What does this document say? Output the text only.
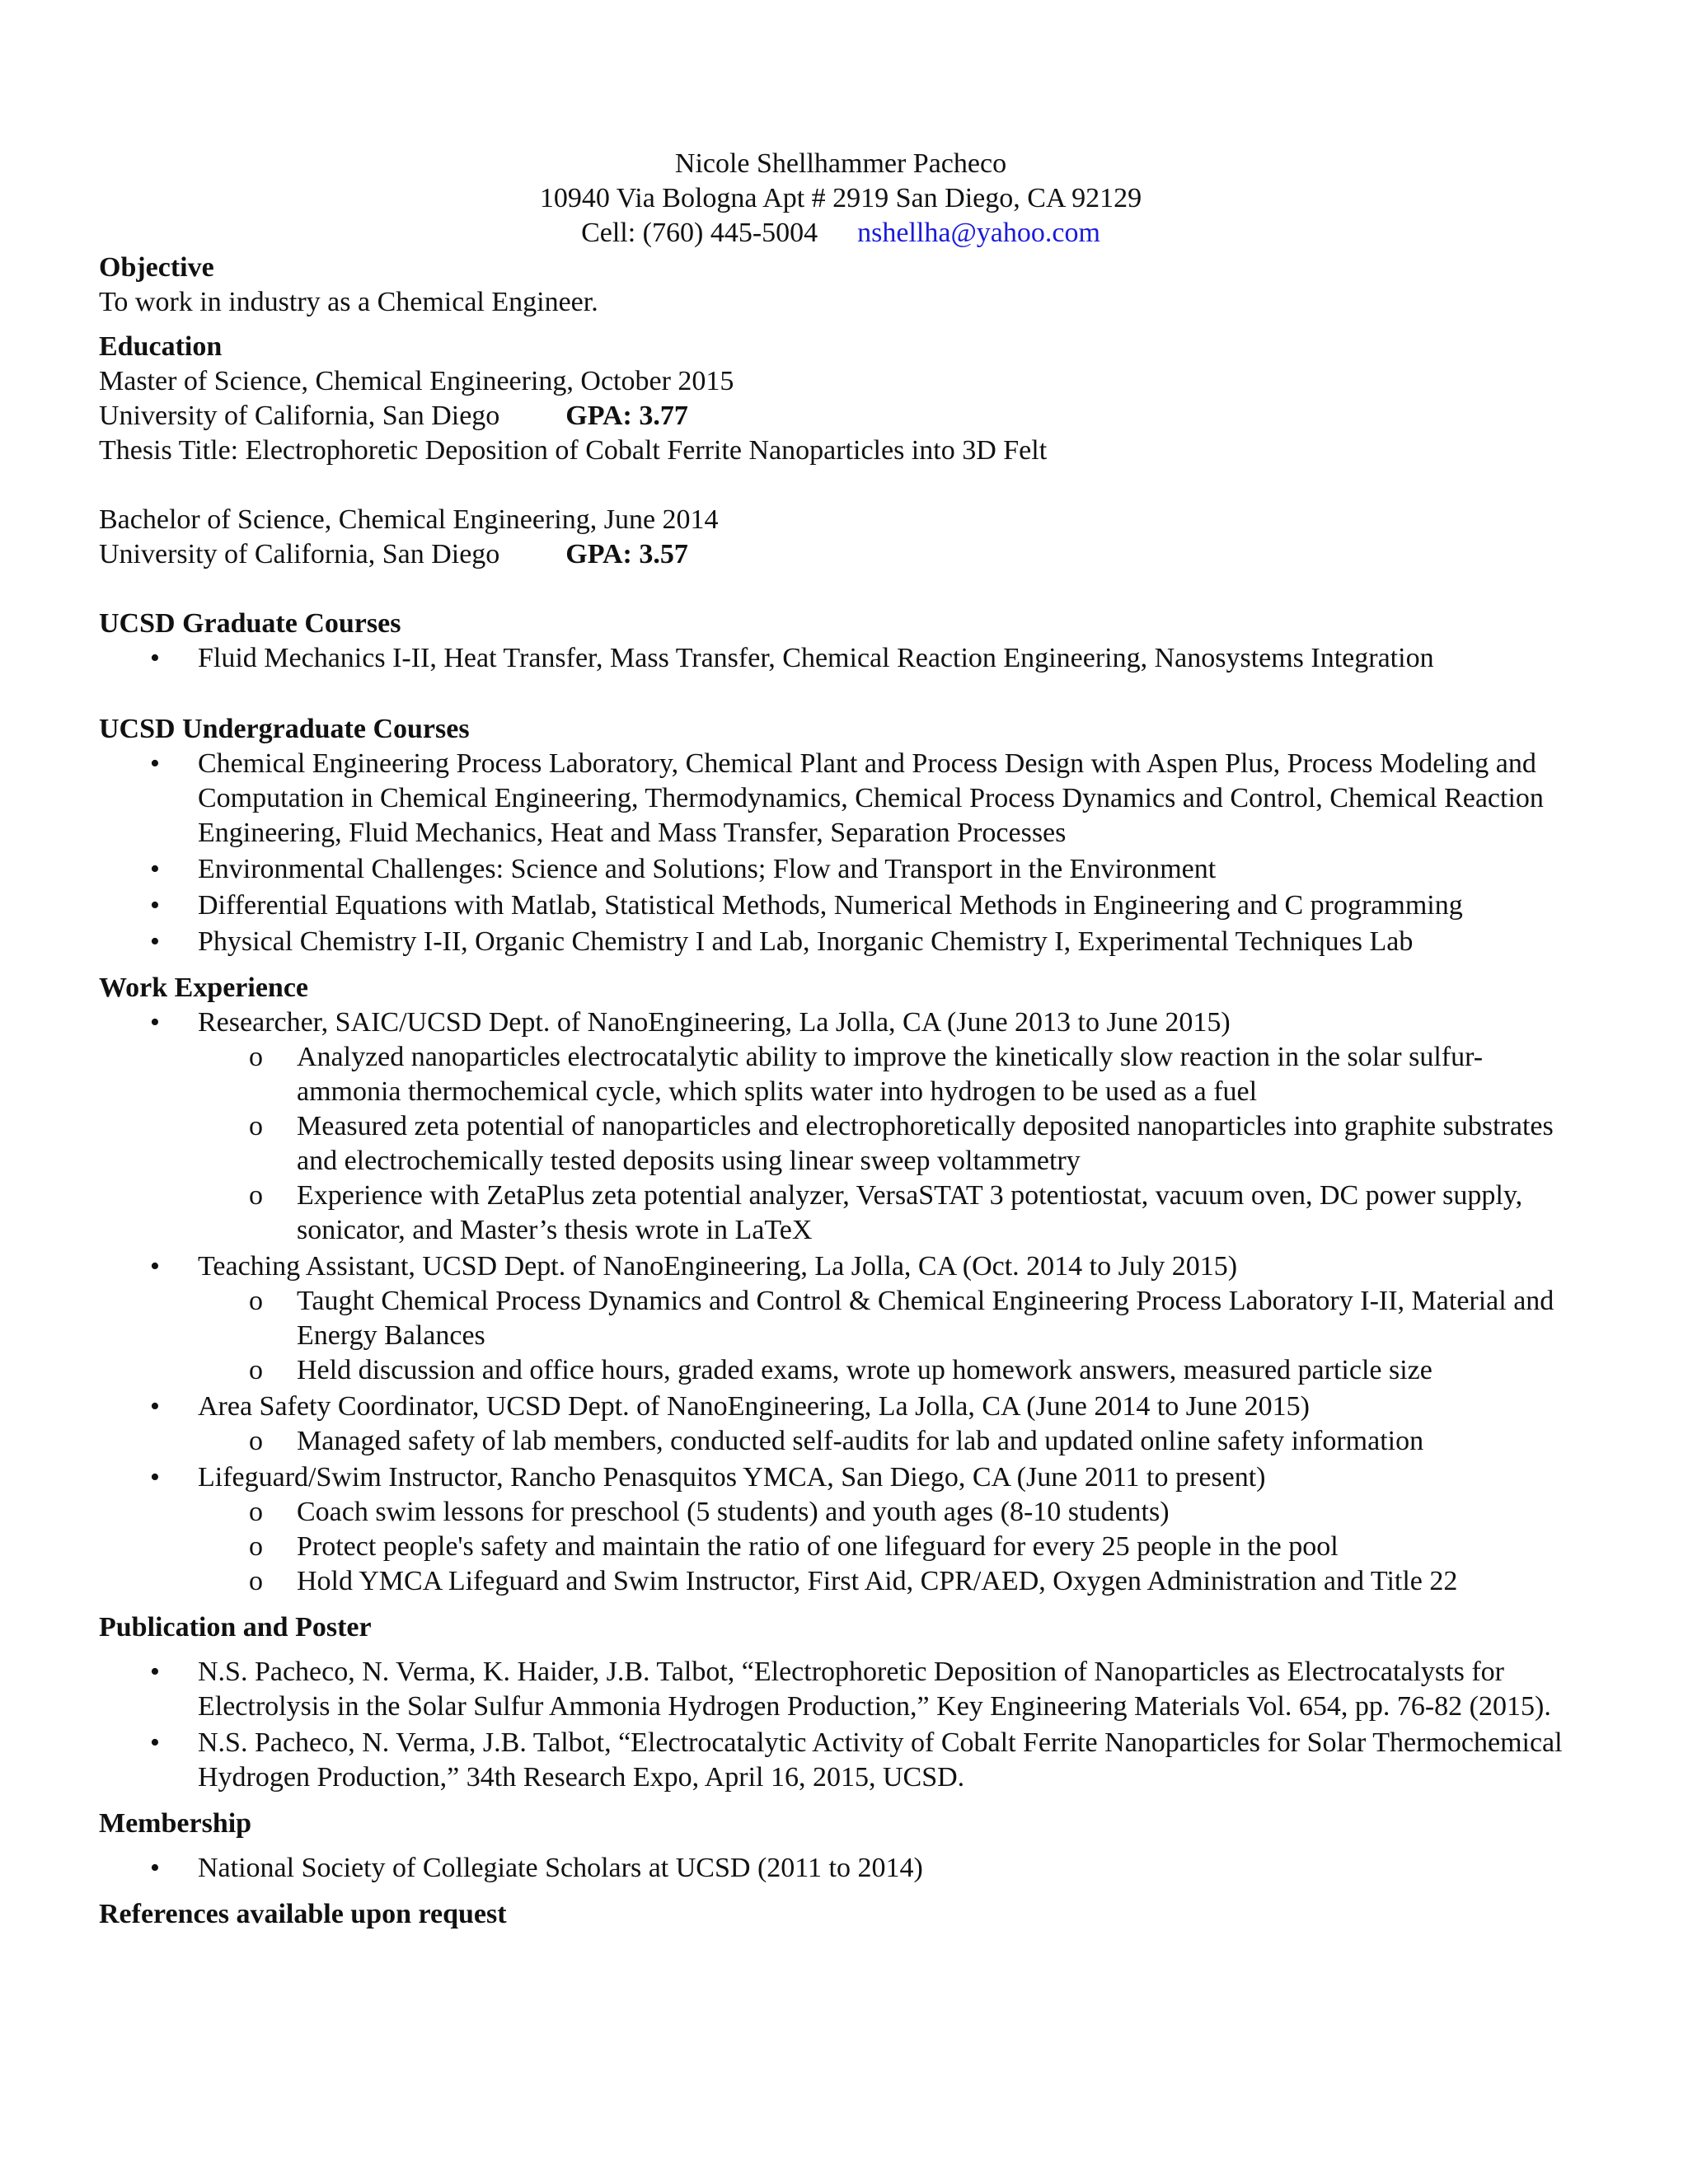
Nicole Shellhammer Pacheco
10940 Via Bologna Apt # 2919 San Diego, CA 92129
Cell: (760) 445-5004 nshellha@yahoo.com

Objective

To work in industry as a Chemical Engineer.

Education

Master of Science, Chemical Engineering, October 2015

University of California, San Diego GPA: 3.77

Thesis Title: Electrophoretic Deposition of Cobalt Ferrite Nanoparticles into 3D Felt

Bachelor of Science, Chemical Engineering, June 2014

University of California, San Diego GPA: 3.57

UCSD Graduate Courses

• Fluid Mechanics I-II, Heat Transfer, Mass Transfer, Chemical Reaction Engineering, Nanosystems Integration

UCSD Undergraduate Courses

• Chemical Engineering Process Laboratory, Chemical Plant and Process Design with Aspen Plus, Process Modeling and Computation in Chemical Engineering, Thermodynamics, Chemical Process Dynamics and Control, Chemical Reaction Engineering, Fluid Mechanics, Heat and Mass Transfer, Separation Processes
• Environmental Challenges: Science and Solutions; Flow and Transport in the Environment
• Differential Equations with Matlab, Statistical Methods, Numerical Methods in Engineering and C programming
• Physical Chemistry I-II, Organic Chemistry I and Lab, Inorganic Chemistry I, Experimental Techniques Lab

Work Experience

• Researcher, SAIC/UCSD Dept. of NanoEngineering, La Jolla, CA (June 2013 to June 2015)
o Analyzed nanoparticles electrocatalytic ability to improve the kinetically slow reaction in the solar sulfur-ammonia thermochemical cycle, which splits water into hydrogen to be used as a fuel
o Measured zeta potential of nanoparticles and electrophoretically deposited nanoparticles into graphite substrates and electrochemically tested deposits using linear sweep voltammetry
o Experience with ZetaPlus zeta potential analyzer, VersaSTAT 3 potentiostat, vacuum oven, DC power supply, sonicator, and Master’s thesis wrote in LaTeX
• Teaching Assistant, UCSD Dept. of NanoEngineering, La Jolla, CA (Oct. 2014 to July 2015)
o Taught Chemical Process Dynamics and Control & Chemical Engineering Process Laboratory I-II, Material and Energy Balances
o Held discussion and office hours, graded exams, wrote up homework answers, measured particle size
• Area Safety Coordinator, UCSD Dept. of NanoEngineering, La Jolla, CA (June 2014 to June 2015)
o Managed safety of lab members, conducted self-audits for lab and updated online safety information
• Lifeguard/Swim Instructor, Rancho Penasquitos YMCA, San Diego, CA (June 2011 to present)
o Coach swim lessons for preschool (5 students) and youth ages (8-10 students)
o Protect people's safety and maintain the ratio of one lifeguard for every 25 people in the pool
o Hold YMCA Lifeguard and Swim Instructor, First Aid, CPR/AED, Oxygen Administration and Title 22

Publication and Poster

• N.S. Pacheco, N. Verma, K. Haider, J.B. Talbot, “Electrophoretic Deposition of Nanoparticles as Electrocatalysts for Electrolysis in the Solar Sulfur Ammonia Hydrogen Production,” Key Engineering Materials Vol. 654, pp. 76-82 (2015).
• N.S. Pacheco, N. Verma, J.B. Talbot, “Electrocatalytic Activity of Cobalt Ferrite Nanoparticles for Solar Thermochemical Hydrogen Production,” 34th Research Expo, April 16, 2015, UCSD.

Membership

• National Society of Collegiate Scholars at UCSD (2011 to 2014)

References available upon request
